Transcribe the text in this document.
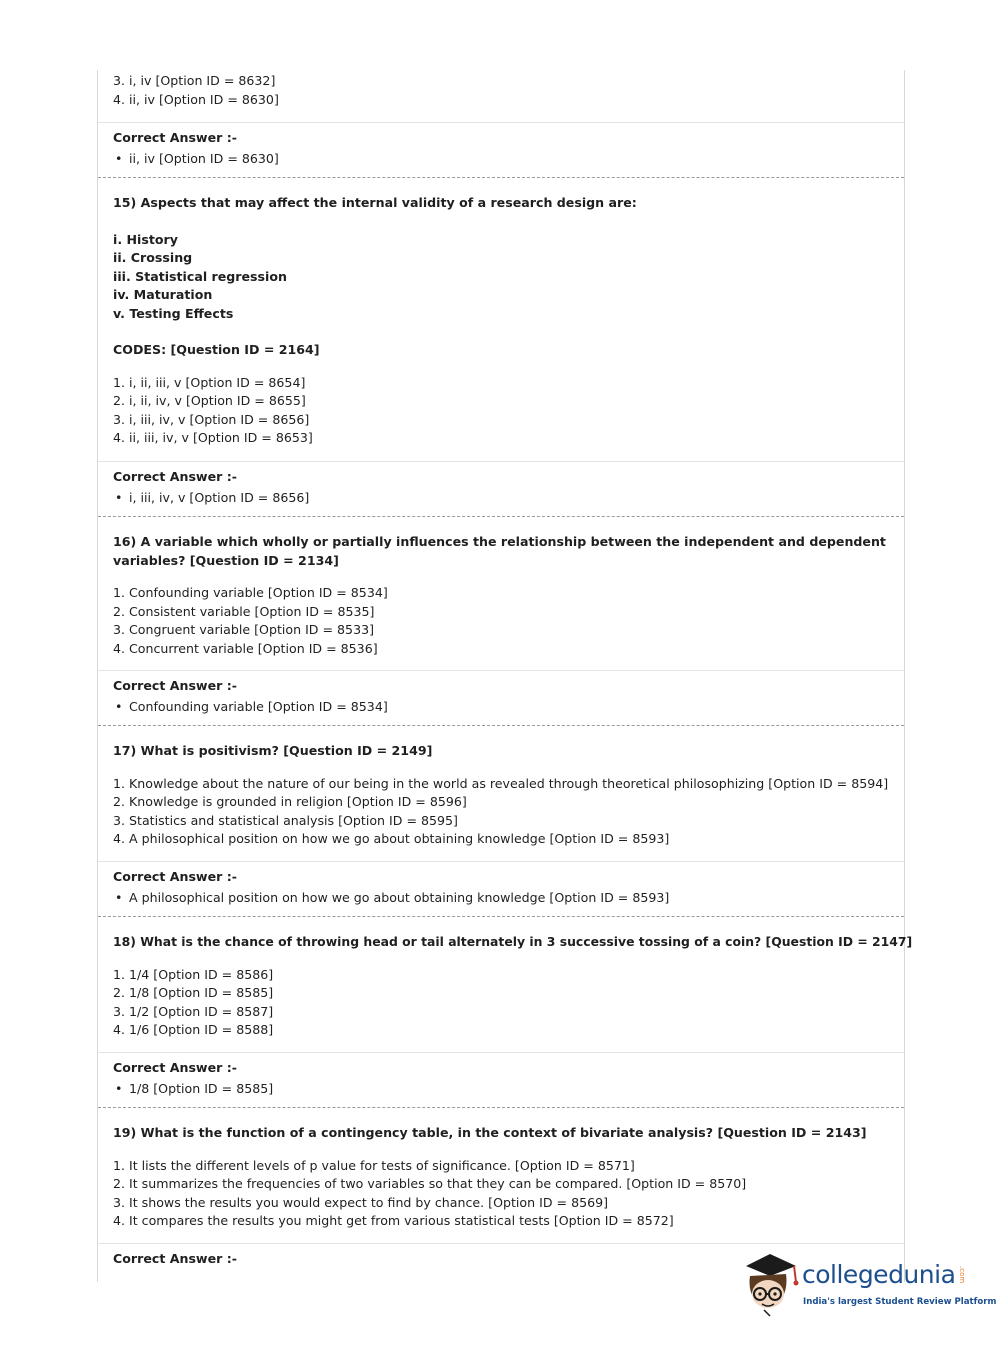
3. i, iv [Option ID = 8632]
4. ii, iv [Option ID = 8630]
Correct Answer :-
• ii, iv [Option ID = 8630]
15) Aspects that may affect the internal validity of a research design are:
i. History
ii. Crossing
iii. Statistical regression
iv. Maturation
v. Testing Effects
CODES: [Question ID = 2164]
1. i, ii, iii, v [Option ID = 8654]
2. i, ii, iv, v [Option ID = 8655]
3. i, iii, iv, v [Option ID = 8656]
4. ii, iii, iv, v [Option ID = 8653]
Correct Answer :-
• i, iii, iv, v [Option ID = 8656]
16) A variable which wholly or partially influences the relationship between the independent and dependent
variables? [Question ID = 2134]
1. Confounding variable [Option ID = 8534]
2. Consistent variable [Option ID = 8535]
3. Congruent variable [Option ID = 8533]
4. Concurrent variable [Option ID = 8536]
Correct Answer :-
• Confounding variable [Option ID = 8534]
17) What is positivism? [Question ID = 2149]
1. Knowledge about the nature of our being in the world as revealed through theoretical philosophizing [Option ID = 8594]
2. Knowledge is grounded in religion [Option ID = 8596]
3. Statistics and statistical analysis [Option ID = 8595]
4. A philosophical position on how we go about obtaining knowledge [Option ID = 8593]
Correct Answer :-
• A philosophical position on how we go about obtaining knowledge [Option ID = 8593]
18) What is the chance of throwing head or tail alternately in 3 successive tossing of a coin? [Question ID = 2147]
1. 1/4 [Option ID = 8586]
2. 1/8 [Option ID = 8585]
3. 1/2 [Option ID = 8587]
4. 1/6 [Option ID = 8588]
Correct Answer :-
• 1/8 [Option ID = 8585]
19) What is the function of a contingency table, in the context of bivariate analysis? [Question ID = 2143]
1. It lists the different levels of p value for tests of significance. [Option ID = 8571]
2. It summarizes the frequencies of two variables so that they can be compared. [Option ID = 8570]
3. It shows the results you would expect to find by chance. [Option ID = 8569]
4. It compares the results you might get from various statistical tests [Option ID = 8572]
Correct Answer :-
collegedunia .com
India's largest Student Review Platform
